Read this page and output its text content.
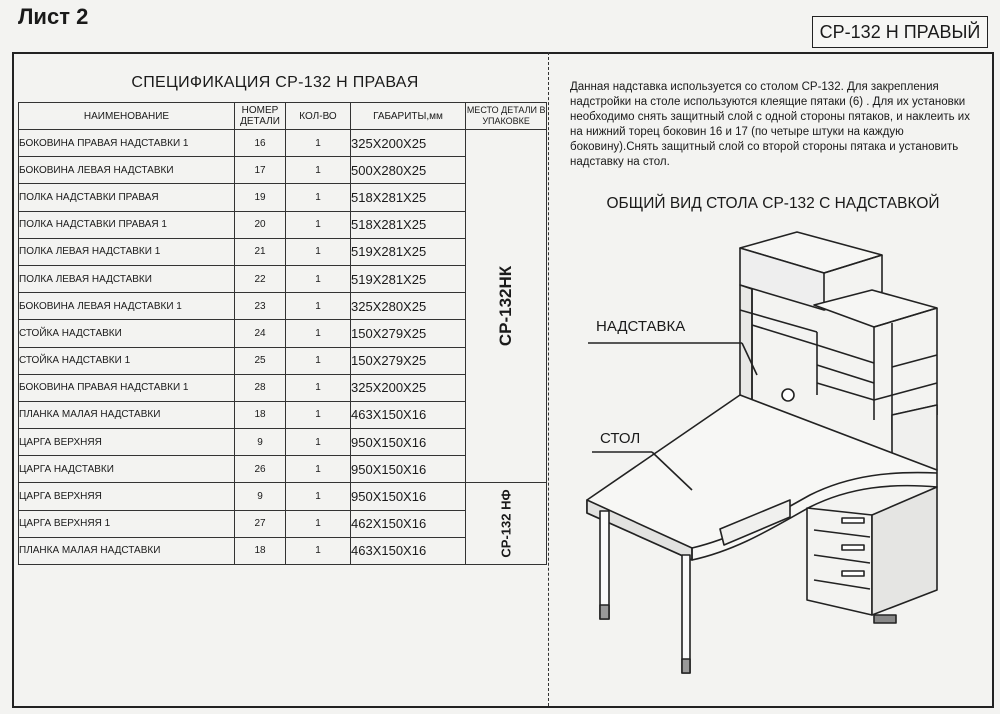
Лист 2
СР-132 Н ПРАВЫЙ
СПЕЦИФИКАЦИЯ СР-132 Н ПРАВАЯ
НАИМЕНОВАНИЕ	НОМЕР ДЕТАЛИ	КОЛ-ВО	ГАБАРИТЫ,мм	МЕСТО ДЕТАЛИ В УПАКОВКЕ
БОКОВИНА ПРАВАЯ НАДСТАВКИ 1	16	1	325Х200Х25	СР-132НК
БОКОВИНА ЛЕВАЯ НАДСТАВКИ	17	1	500Х280Х25	
ПОЛКА НАДСТАВКИ ПРАВАЯ	19	1	518Х281Х25	
ПОЛКА НАДСТАВКИ ПРАВАЯ 1	20	1	518Х281Х25	
ПОЛКА ЛЕВАЯ НАДСТАВКИ 1	21	1	519Х281Х25	
ПОЛКА ЛЕВАЯ НАДСТАВКИ	22	1	519Х281Х25	
БОКОВИНА ЛЕВАЯ НАДСТАВКИ 1	23	1	325Х280Х25	
СТОЙКА НАДСТАВКИ	24	1	150Х279Х25	
СТОЙКА НАДСТАВКИ 1	25	1	150Х279Х25	
БОКОВИНА ПРАВАЯ НАДСТАВКИ 1	28	1	325Х200Х25	
ПЛАНКА МАЛАЯ НАДСТАВКИ	18	1	463Х150Х16	
ЦАРГА ВЕРХНЯЯ	9	1	950Х150Х16	
ЦАРГА НАДСТАВКИ	26	1	950Х150Х16	
ЦАРГА ВЕРХНЯЯ	9	1	950Х150Х16	СР-132 НФ
ЦАРГА ВЕРХНЯЯ 1	27	1	462Х150Х16	
ПЛАНКА МАЛАЯ НАДСТАВКИ	18	1	463Х150Х16	
Данная надставка используется со столом СР-132. Для закрепления надстройки на столе используются клеящие пятаки (6) . Для их установки необходимо снять защитный слой с одной стороны пятаков, и наклеить их на нижний торец боковин 16 и 17 (по четыре штуки на каждую боковину).Снять защитный слой со второй стороны пятака и установить надставку на стол.
ОБЩИЙ ВИД СТОЛА СР-132 С НАДСТАВКОЙ
НАДСТАВКА
СТОЛ
